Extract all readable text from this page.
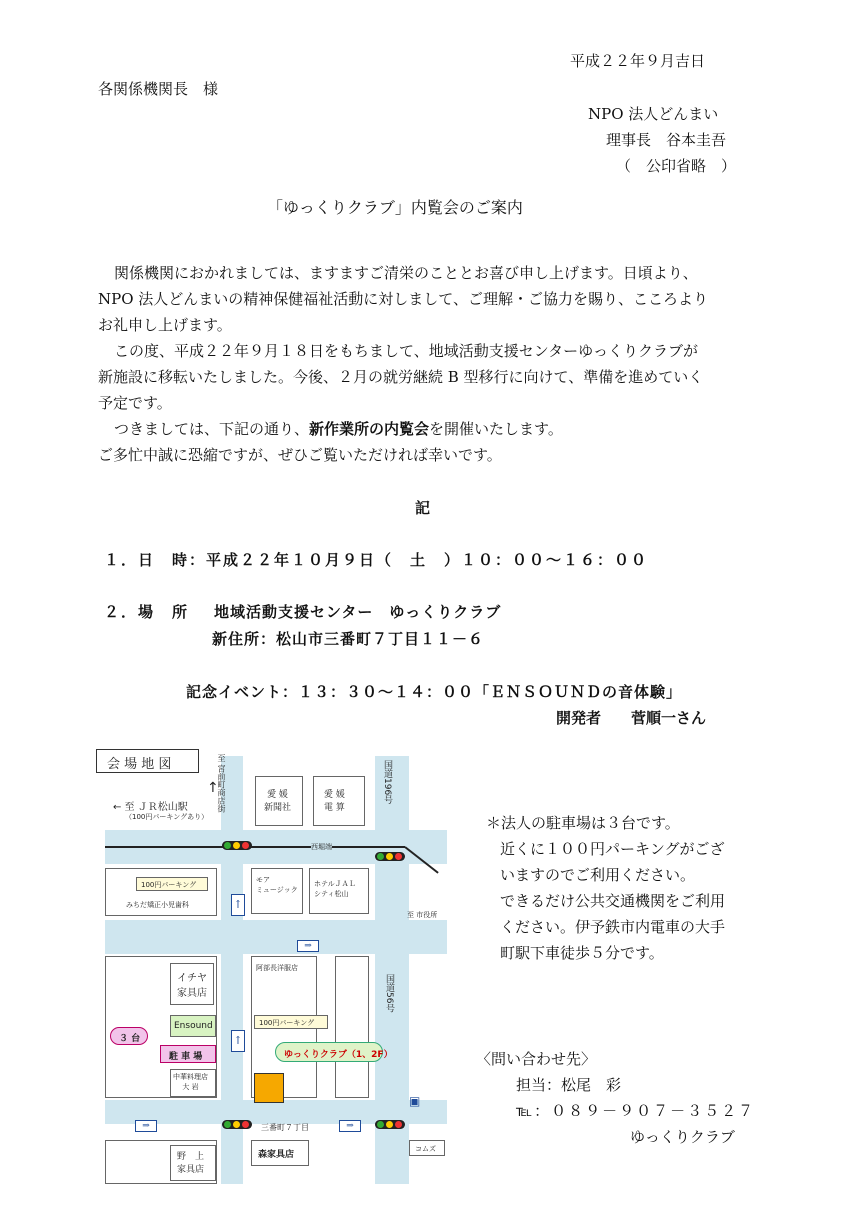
平成２２年９月吉日
各関係機関長　様
NPO 法人どんまい
理事長　谷本圭吾
（　公印省略　）
「ゆっくりクラブ」内覧会のご案内
関係機関におかれましては、ますますご清栄のこととお喜び申し上げます。日頃より、
NPO 法人どんまいの精神保健福祉活動に対しまして、ご理解・ご協力を賜り、こころより
お礼申し上げます。
この度、平成２２年９月１８日をもちまして、地域活動支援センターゆっくりクラブが
新施設に移転いたしました。今後、２月の就労継続 B 型移行に向けて、準備を進めていく
予定です。
つきましては、下記の通り、新作業所の内覧会を開催いたします。
ご多忙中誠に恐縮ですが、ぜひご覧いただければ幸いです。
記
１．日　時：平成２２年１０月９日（　土　）１０：００～１６：００
２．場　所 地域活動支援センター　ゆっくりクラブ
新住所：松山市三番町７丁目１１－６
記念イベント：１３：３０～１４：００「ＥＮＳＯＵＮＤの音体験」
開発者　　菅順一さん
会 場 地 図	至 宮前町商店街
↑	愛 媛
新聞社
愛 媛
電 算
国道196号
← 至 ＪＲ松山駅
（100円パーキングあり）
西堀端
100円パーキング
みちだ矯正小児歯科	↑
モア
ミュージック
ホテルＪＡＬ
シティ松山
至 市役所
⇒
イチヤ
家具店
Ensound
３ 台
駐 車 場
中華料理店
大 岩
↑
阿部長洋服店
100円パーキング
ゆっくりクラブ（1、2F）
国道56号
▣
⇒	三番町７丁目	⇒
野　上
家具店
森家具店
コムズ
＊法人の駐車場は３台です。
近くに１００円パーキングがござ
いますのでご利用ください。
できるだけ公共交通機関をご利用
ください。伊予鉄市内電車の大手
町駅下車徒歩５分です。
〈問い合わせ先〉
担当：松尾　彩
℡：０８９－９０７－３５２７
ゆっくりクラブ
